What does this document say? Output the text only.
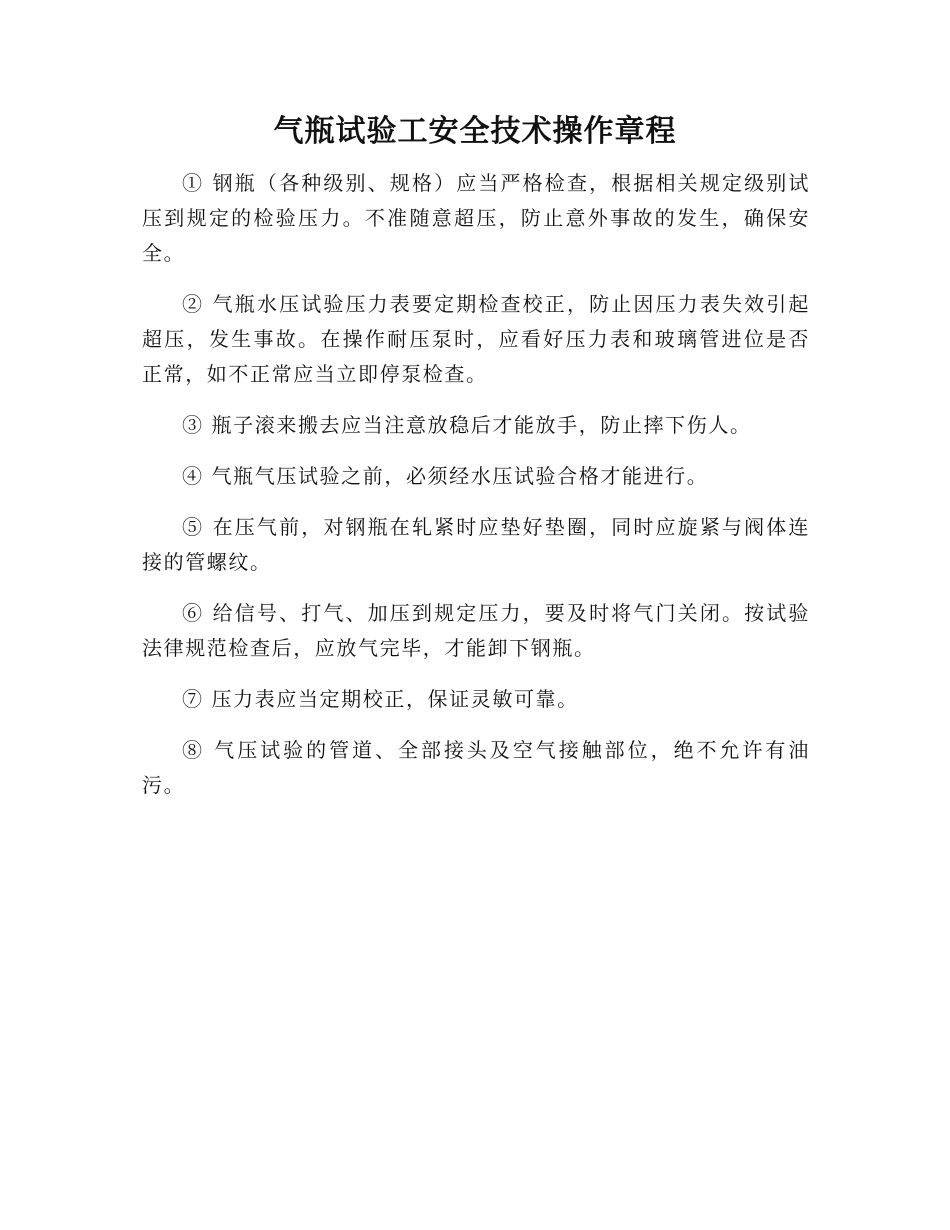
气瓶试验工安全技术操作章程

① 钢瓶（各种级别、规格）应当严格检查，根据相关规定级别试压到规定的检验压力。不准随意超压，防止意外事故的发生，确保安全。

② 气瓶水压试验压力表要定期检查校正，防止因压力表失效引起超压，发生事故。在操作耐压泵时，应看好压力表和玻璃管进位是否正常，如不正常应当立即停泵检查。

③ 瓶子滚来搬去应当注意放稳后才能放手，防止摔下伤人。

④ 气瓶气压试验之前，必须经水压试验合格才能进行。

⑤ 在压气前，对钢瓶在轧紧时应垫好垫圈，同时应旋紧与阀体连接的管螺纹。

⑥ 给信号、打气、加压到规定压力，要及时将气门关闭。按试验法律规范检查后，应放气完毕，才能卸下钢瓶。

⑦ 压力表应当定期校正，保证灵敏可靠。

⑧ 气压试验的管道、全部接头及空气接触部位，绝不允许有油污。
